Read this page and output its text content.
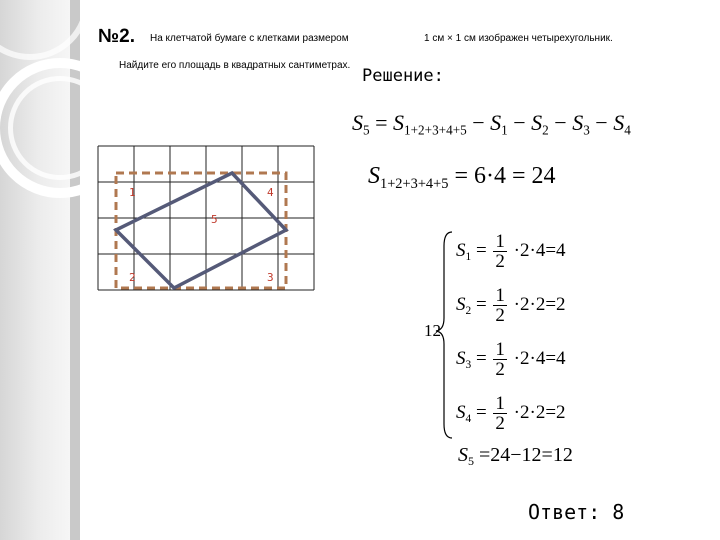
№2. На клетчатой бумаге с клетками размером	1 см × 1 см изображен четырехугольник.
Найдите его площадь в квадратных сантиметрах.
1	4
5
2	3
Решение:
$S_5 = S_{1+2+3+4+5} - S_1 - S_2 - S_3 - S_4$
$S_{1+2+3+4+5} = 6\cdot 4 = 24$
12
$S_1 = \frac{1}{2} \cdot 2\cdot 4=4$
$S_2 = \frac{1}{2} \cdot 2\cdot 2=2$
$S_3 = \frac{1}{2} \cdot 2\cdot 4=4$
$S_4 = \frac{1}{2} \cdot 2\cdot 2=2$
$S_5 =24-12=12$
Ответ: 8
